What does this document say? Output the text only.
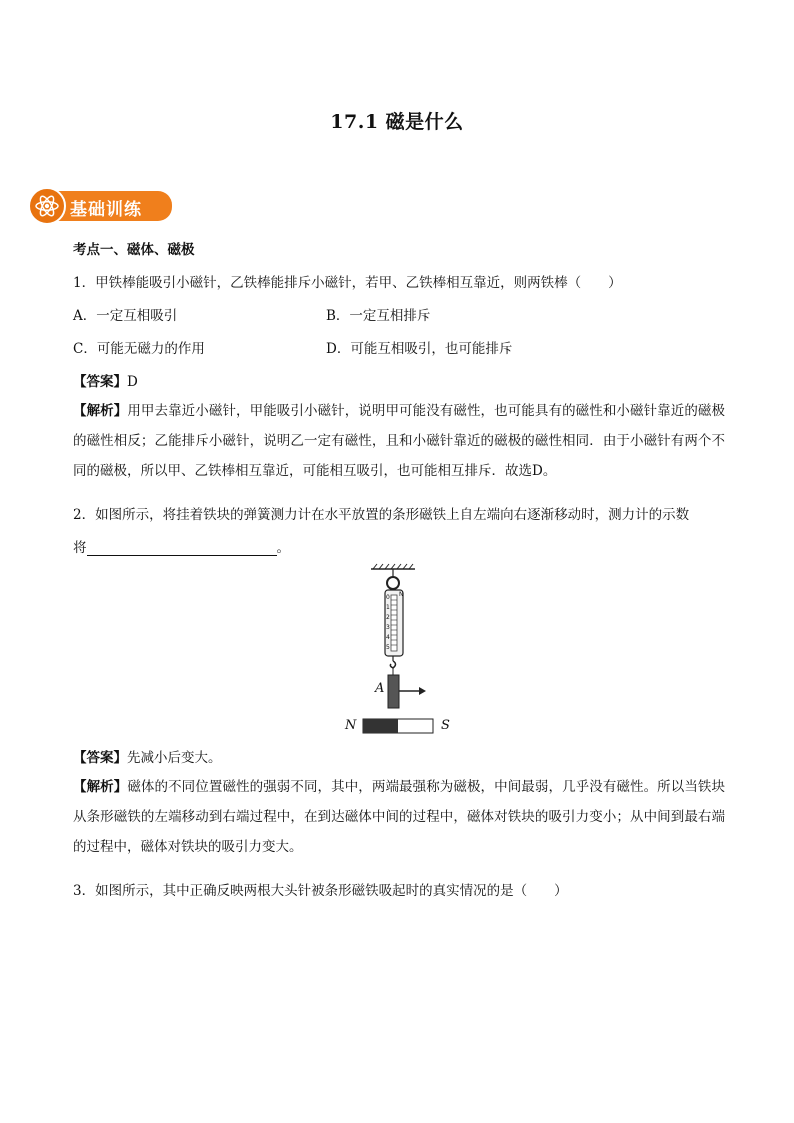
17.1 磁是什么
基础训练
考点一、磁体、磁极
1．甲铁棒能吸引小磁针，乙铁棒能排斥小磁针，若甲、乙铁棒相互靠近，则两铁棒（　　）
A．一定互相吸引	B．一定互相排斥
C．可能无磁力的作用	D．可能互相吸引，也可能排斥
【答案】D
【解析】用甲去靠近小磁针，甲能吸引小磁针，说明甲可能没有磁性，也可能具有的磁性和小磁针靠近的磁极的磁性相反；乙能排斥小磁针，说明乙一定有磁性，且和小磁针靠近的磁极的磁性相同．由于小磁针有两个不同的磁极，所以甲、乙铁棒相互靠近，可能相互吸引，也可能相互排斥．故选D。
2．如图所示，将挂着铁块的弹簧测力计在水平放置的条形磁铁上自左端向右逐渐移动时，测力计的示数
将	。
N
0
1
2
3
4
5
A
N	S
【答案】先减小后变大。
【解析】磁体的不同位置磁性的强弱不同，其中，两端最强称为磁极，中间最弱，几乎没有磁性。所以当铁块从条形磁铁的左端移动到右端过程中，在到达磁体中间的过程中，磁体对铁块的吸引力变小；从中间到最右端的过程中，磁体对铁块的吸引力变大。
3．如图所示，其中正确反映两根大头针被条形磁铁吸起时的真实情况的是（　　）
